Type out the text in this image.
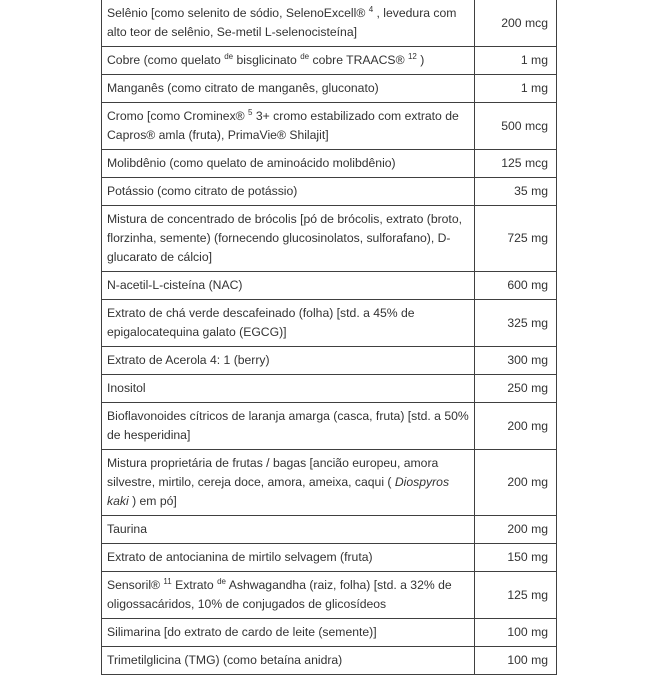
Selênio [como selenito de sódio, SelenoExcell® $^4$ , levedura com alto teor de selênio, Se-metil L-selenocisteína]	200 mcg
Cobre (como quelato $^{de}$ bisglicinato $^{de}$ cobre TRAACS® $^{12}$ )	1 mg
Manganês (como citrato de manganês, gluconato)	1 mg
Cromo [como Crominex® $^5$ 3+ cromo estabilizado com extrato de Capros® amla (fruta), PrimaVie® Shilajit]	500 mcg
Molibdênio (como quelato de aminoácido molibdênio)	125 mcg
Potássio (como citrato de potássio)	35 mg
Mistura de concentrado de brócolis [pó de brócolis, extrato (broto, florzinha, semente) (fornecendo glucosinolatos, sulforafano), D-glucarato de cálcio]	725 mg
N-acetil-L-cisteína (NAC)	600 mg
Extrato de chá verde descafeinado (folha) [std. a 45% de epigalocatequina galato (EGCG)]	325 mg
Extrato de Acerola 4: 1 (berry)	300 mg
Inositol	250 mg
Bioflavonoides cítricos de laranja amarga (casca, fruta) [std. a 50% de hesperidina]	200 mg
Mistura proprietária de frutas / bagas [ancião europeu, amora silvestre, mirtilo, cereja doce, amora, ameixa, caqui ( Diospyros kaki ) em pó]	200 mg
Taurina	200 mg
Extrato de antocianina de mirtilo selvagem (fruta)	150 mg
Sensoril® $^{11}$ Extrato $^{de}$ Ashwagandha (raiz, folha) [std. a 32% de oligossacáridos, 10% de conjugados de glicosídeos	125 mg
Silimarina [do extrato de cardo de leite (semente)]	100 mg
Trimetilglicina (TMG) (como betaína anidra)	100 mg
